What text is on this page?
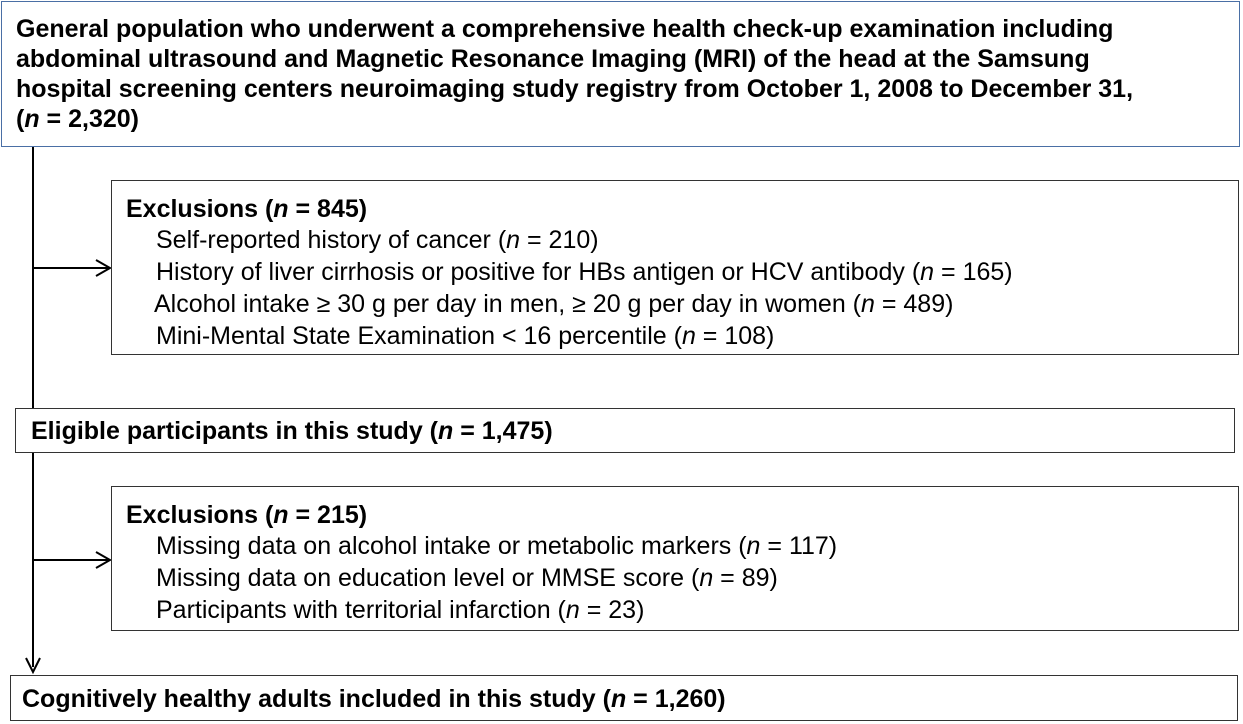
General population who underwent a comprehensive health check-up examination including
abdominal ultrasound and Magnetic Resonance Imaging (MRI) of the head at the Samsung
hospital screening centers neuroimaging study registry from October 1, 2008 to December 31,
(n = 2,320)
Exclusions (n = 845)
Self-reported history of cancer (n = 210)
History of liver cirrhosis or positive for HBs antigen or HCV antibody (n = 165)
Alcohol intake ≥ 30 g per day in men, ≥ 20 g per day in women (n = 489)
Mini-Mental State Examination < 16 percentile (n = 108)
Eligible participants in this study (n = 1,475)
Exclusions (n = 215)
Missing data on alcohol intake or metabolic markers (n = 117)
Missing data on education level or MMSE score (n = 89)
Participants with territorial infarction (n = 23)
Cognitively healthy adults included in this study (n = 1,260)
